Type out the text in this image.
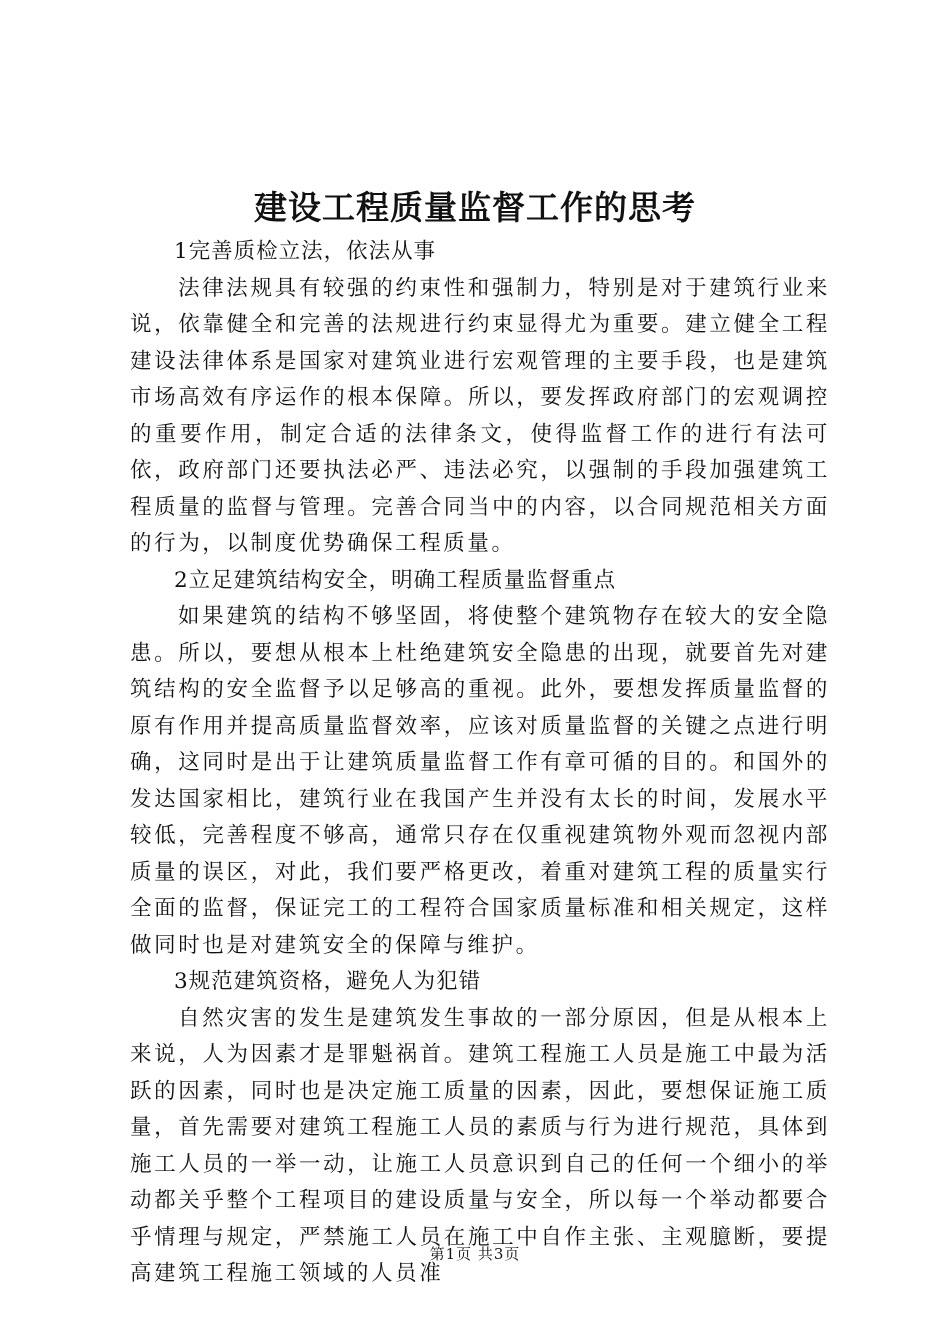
建设工程质量监督工作的思考

1完善质检立法，依法从事

法律法规具有较强的约束性和强制力，特别是对于建筑行业来说，依靠健全和完善的法规进行约束显得尤为重要。建立健全工程建设法律体系是国家对建筑业进行宏观管理的主要手段，也是建筑市场高效有序运作的根本保障。所以，要发挥政府部门的宏观调控的重要作用，制定合适的法律条文，使得监督工作的进行有法可依，政府部门还要执法必严、违法必究，以强制的手段加强建筑工程质量的监督与管理。完善合同当中的内容，以合同规范相关方面的行为，以制度优势确保工程质量。

2立足建筑结构安全，明确工程质量监督重点

如果建筑的结构不够坚固，将使整个建筑物存在较大的安全隐患。所以，要想从根本上杜绝建筑安全隐患的出现，就要首先对建筑结构的安全监督予以足够高的重视。此外，要想发挥质量监督的原有作用并提高质量监督效率，应该对质量监督的关键之点进行明确，这同时是出于让建筑质量监督工作有章可循的目的。和国外的发达国家相比，建筑行业在我国产生并没有太长的时间，发展水平较低，完善程度不够高，通常只存在仅重视建筑物外观而忽视内部质量的误区，对此，我们要严格更改，着重对建筑工程的质量实行全面的监督，保证完工的工程符合国家质量标准和相关规定，这样做同时也是对建筑安全的保障与维护。

3规范建筑资格，避免人为犯错

自然灾害的发生是建筑发生事故的一部分原因，但是从根本上来说，人为因素才是罪魁祸首。建筑工程施工人员是施工中最为活跃的因素，同时也是决定施工质量的因素，因此，要想保证施工质量，首先需要对建筑工程施工人员的素质与行为进行规范，具体到施工人员的一举一动，让施工人员意识到自己的任何一个细小的举动都关乎整个工程项目的建设质量与安全，所以每一个举动都要合乎情理与规定，严禁施工人员在施工中自作主张、主观臆断，要提高建筑工程施工领域的人员准

第1页 共3页
